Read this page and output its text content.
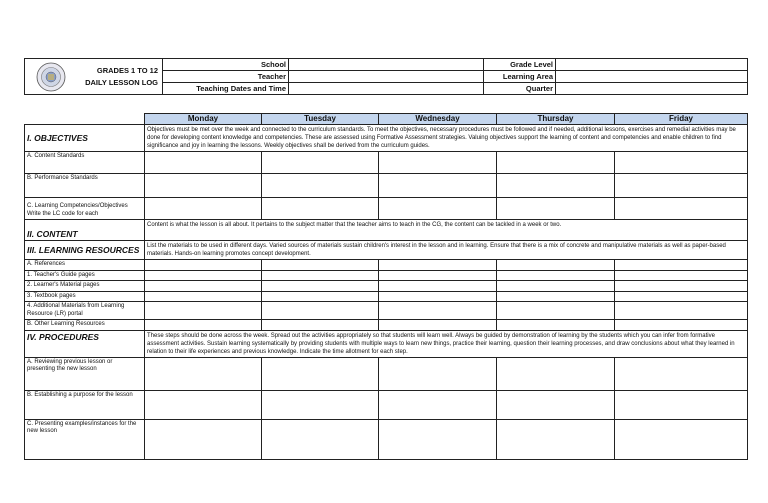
GRADES 1 TO 12
DAILY LESSON LOG	School		Grade Level	
	Teacher		Learning Area	
	Teaching Dates and Time		Quarter	
	Monday	Tuesday	Wednesday	Thursday	Friday
I. OBJECTIVES	Objectives must be met over the week and connected to the curriculum standards. To meet the objectives, necessary procedures must be followed and if needed, additional lessons, exercises and remedial activities may be done for developing content knowledge and competencies. These are assessed using Formative Assessment strategies. Valuing objectives support the learning of content and competencies and enable children to find significance and joy in learning the lessons. Weekly objectives shall be derived from the curriculum guides.				
A. Content Standards					
B. Performance Standards					
C. Learning Competencies/Objectives Write the LC code for each					
II. CONTENT	Content is what the lesson is all about. It pertains to the subject matter that the teacher aims to teach in the CG, the content can be tackled in a week or two.				
III. LEARNING RESOURCES	List the materials to be used in different days. Varied sources of materials sustain children's interest in the lesson and in learning. Ensure that there is a mix of concrete and manipulative materials as well as paper-based materials. Hands-on learning promotes concept development.				
A. References					
1. Teacher's Guide pages					
2. Learner's Material pages					
3. Textbook pages					
4. Additional Materials from Learning Resource (LR) portal					
B. Other Learning Resources					
IV. PROCEDURES	These steps should be done across the week. Spread out the activities appropriately so that students will learn well. Always be guided by demonstration of learning by the students which you can infer from formative assessment activities. Sustain learning systematically by providing students with multiple ways to learn new things, practice their learning, question their learning processes, and draw conclusions about what they learned in relation to their life experiences and previous knowledge. Indicate the time allotment for each step.				
A. Reviewing previous lesson or presenting the new lesson					
B. Establishing a purpose for the lesson					
C. Presenting examples/instances for the new lesson					
